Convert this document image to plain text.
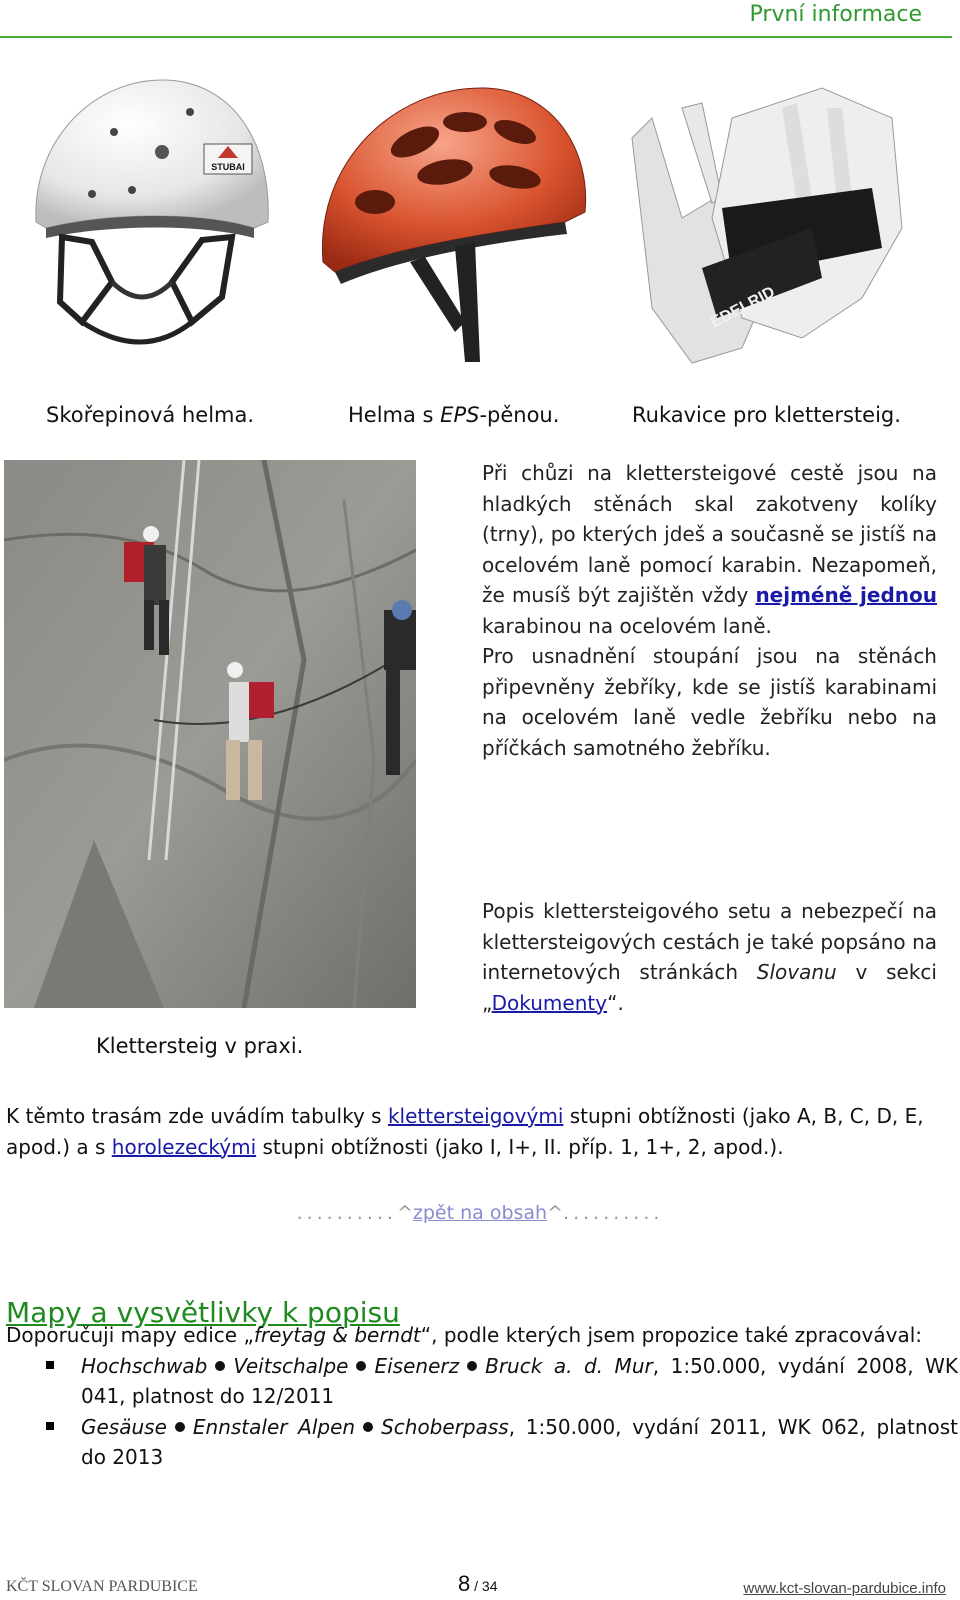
První informace
STUBAI
EDELRID
Skořepinová helma.	Helma s EPS-pěnou.	Rukavice pro klettersteig.
Klettersteig v praxi.
Při chůzi na klettersteigové cestě jsou na hladkých stěnách skal zakotveny kolíky (trny), po kterých jdeš a současně se jistíš na ocelovém laně pomocí karabin. Nezapomeň, že musíš být zajištěn vždy nejméně jednou karabinou na ocelovém laně.
Pro usnadnění stoupání jsou na stěnách připevněny žebříky, kde se jistíš karabinami na ocelovém laně vedle žebříku nebo na příčkách samotného žebříku.
Popis klettersteigového setu a nebezpečí na klettersteigových cestách je také popsáno na internetových stránkách Slovanu v sekci „Dokumenty“.
K těmto trasám zde uvádím tabulky s klettersteigovými stupni obtížnosti (jako A, B, C, D, E, apod.) a s horolezeckými stupni obtížnosti (jako I, I+, II. příp. 1, 1+, 2, apod.).
..........^zpět na obsah^..........
Mapy a vysvětlivky k popisu
Doporučuji mapy edice „freytag & berndt“, podle kterých jsem propozice také zpracovával:
Hochschwab Veitschalpe Eisenerz Bruck a. d. Mur, 1:50.000, vydání 2008, WK 041, platnost do 12/2011
Gesäuse Ennstaler Alpen Schoberpass, 1:50.000, vydání 2011, WK 062, platnost do 2013
KČT SLOVAN PARDUBICE	8 / 34	www.kct-slovan-pardubice.info
